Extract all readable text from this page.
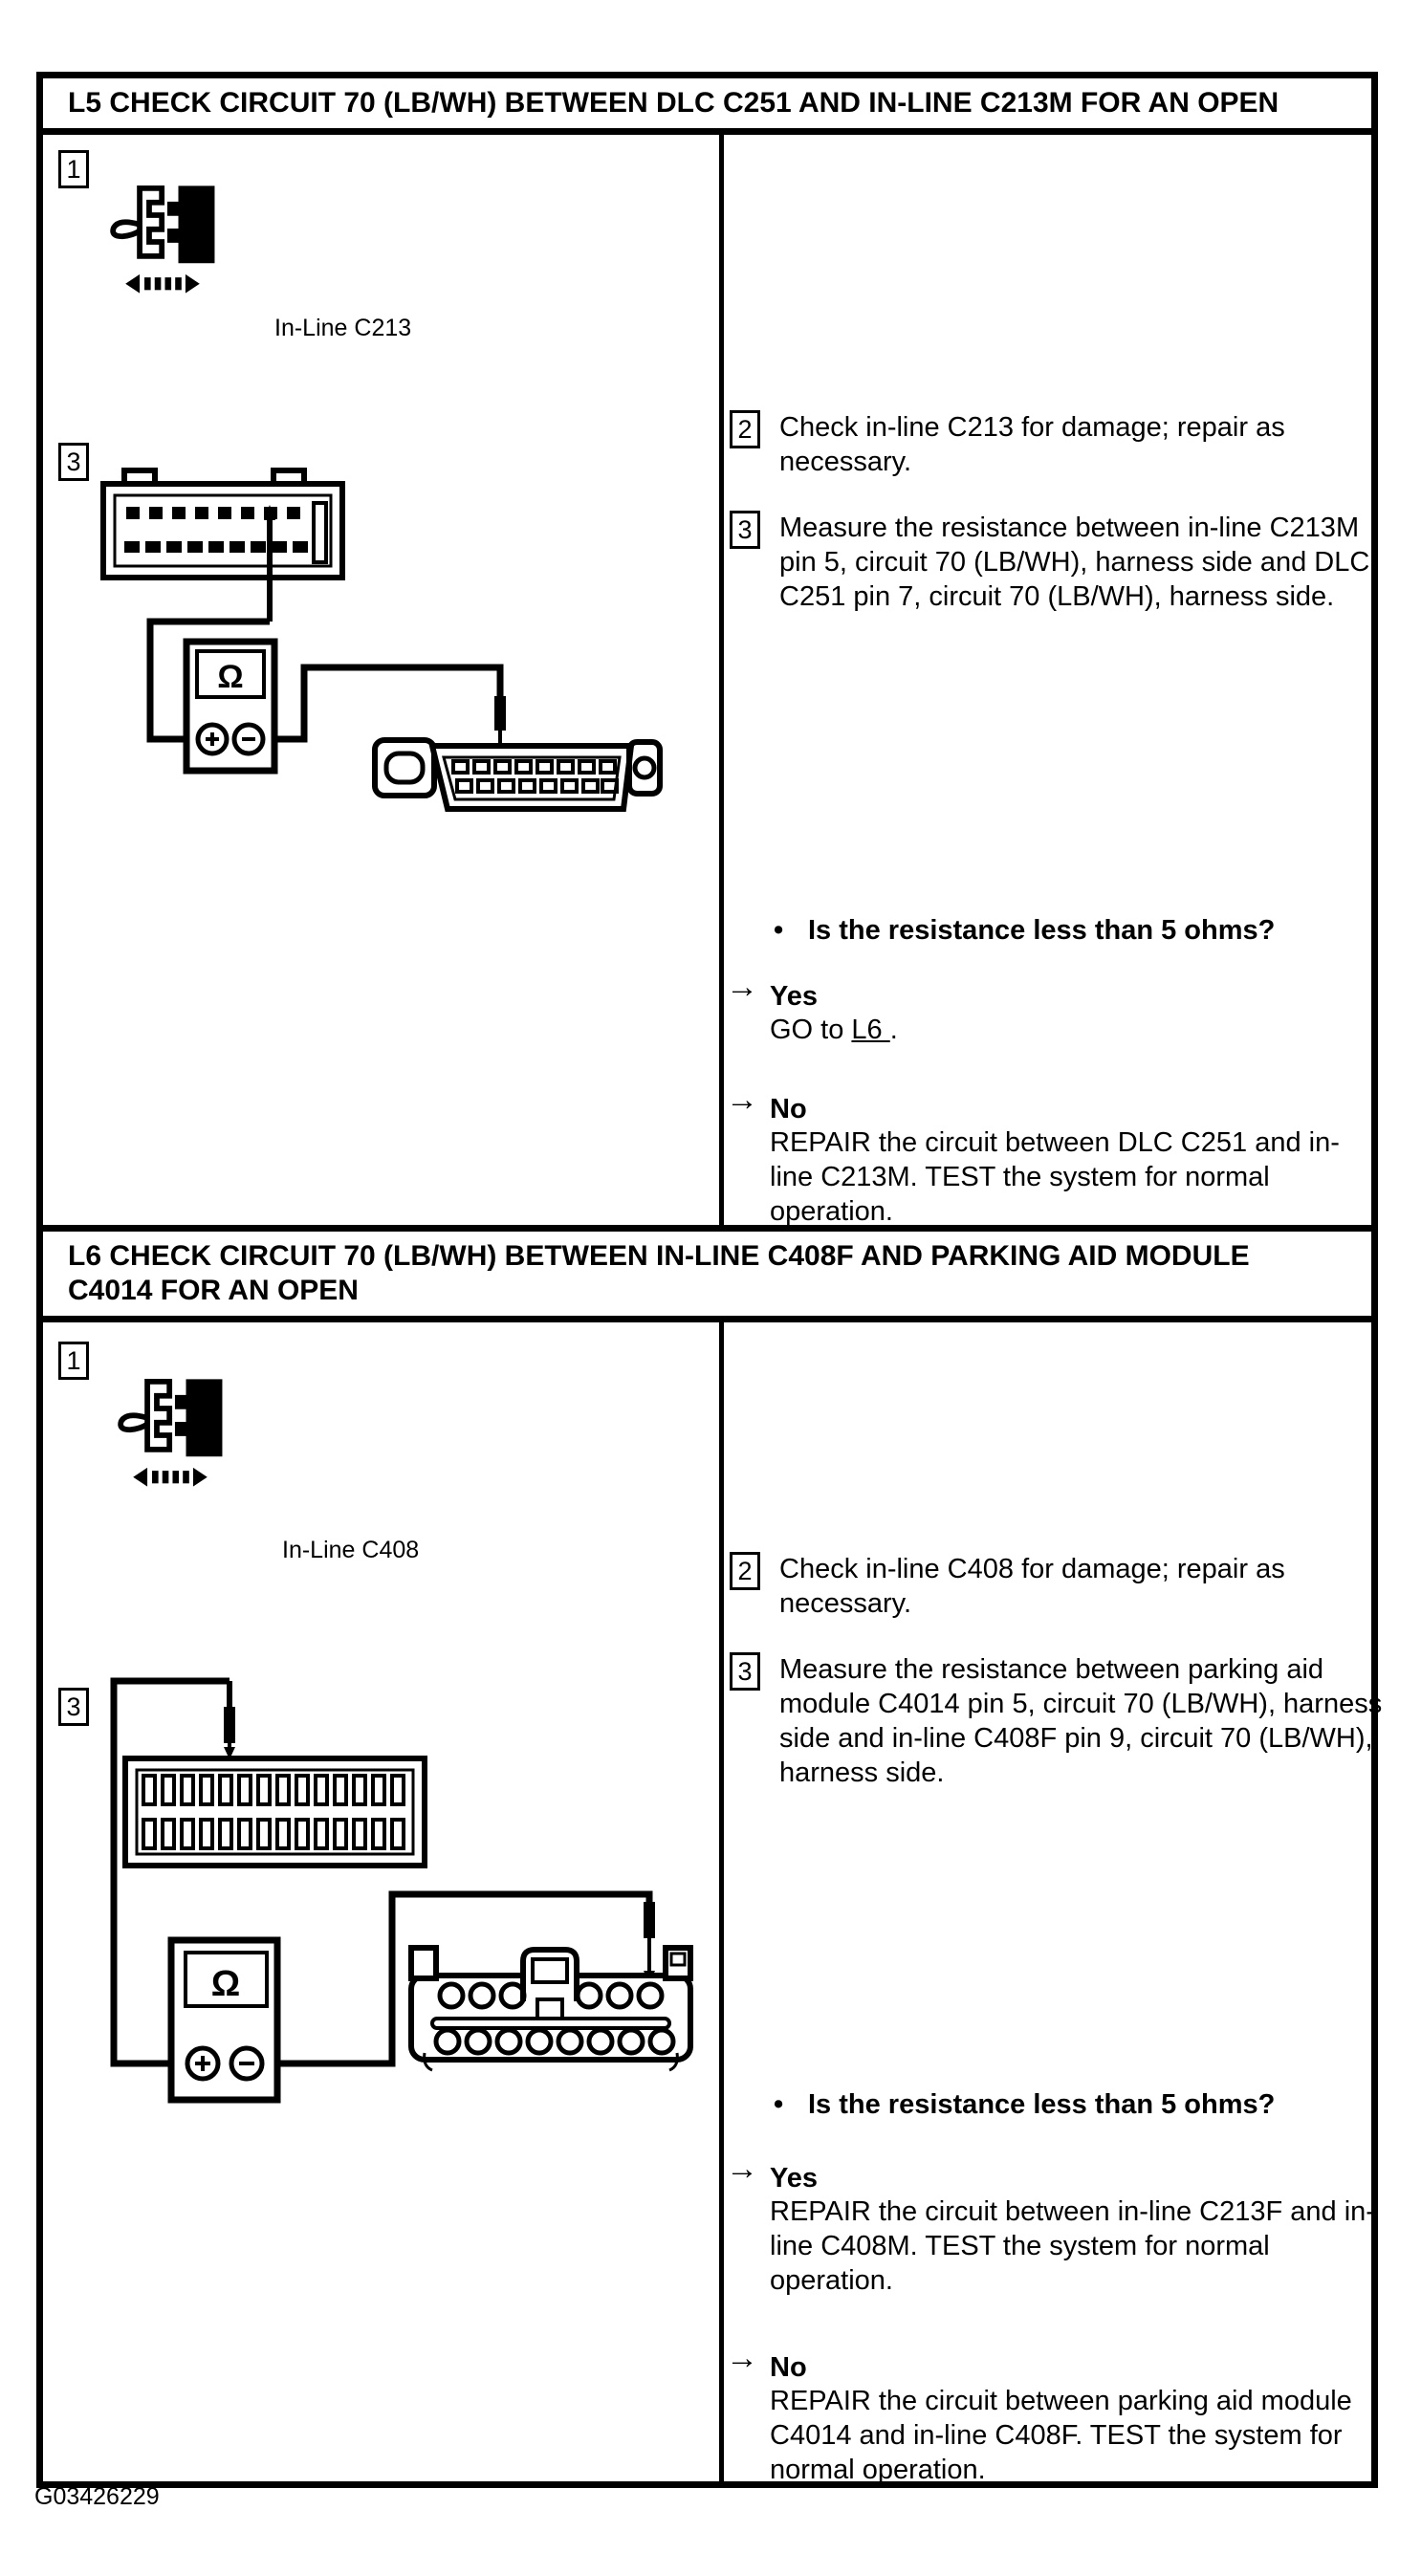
L5 CHECK CIRCUIT 70 (LB/WH) BETWEEN DLC C251 AND IN-LINE C213M FOR AN OPEN
1
In-Line C213
3
Ω
2 Check in-line C213 for damage; repair as necessary.
3 Measure the resistance between in-line C213M pin 5, circuit 70 (LB/WH), harness side and DLC C251 pin 7, circuit 70 (LB/WH), harness side.
• Is the resistance less than 5 ohms?
→ Yes
GO to L6 .
→ No
REPAIR the circuit between DLC C251 and in-line C213M. TEST the system for normal operation.
L6 CHECK CIRCUIT 70 (LB/WH) BETWEEN IN-LINE C408F AND PARKING AID MODULE C4014 FOR AN OPEN
1
In-Line C408
3
Ω
2 Check in-line C408 for damage; repair as necessary.
3 Measure the resistance between parking aid module C4014 pin 5, circuit 70 (LB/WH), harness side and in-line C408F pin 9, circuit 70 (LB/WH), harness side.
• Is the resistance less than 5 ohms?
→ Yes
REPAIR the circuit between in-line C213F and in-line C408M. TEST the system for normal operation.
→ No
REPAIR the circuit between parking aid module C4014 and in-line C408F. TEST the system for normal operation.
G03426229
